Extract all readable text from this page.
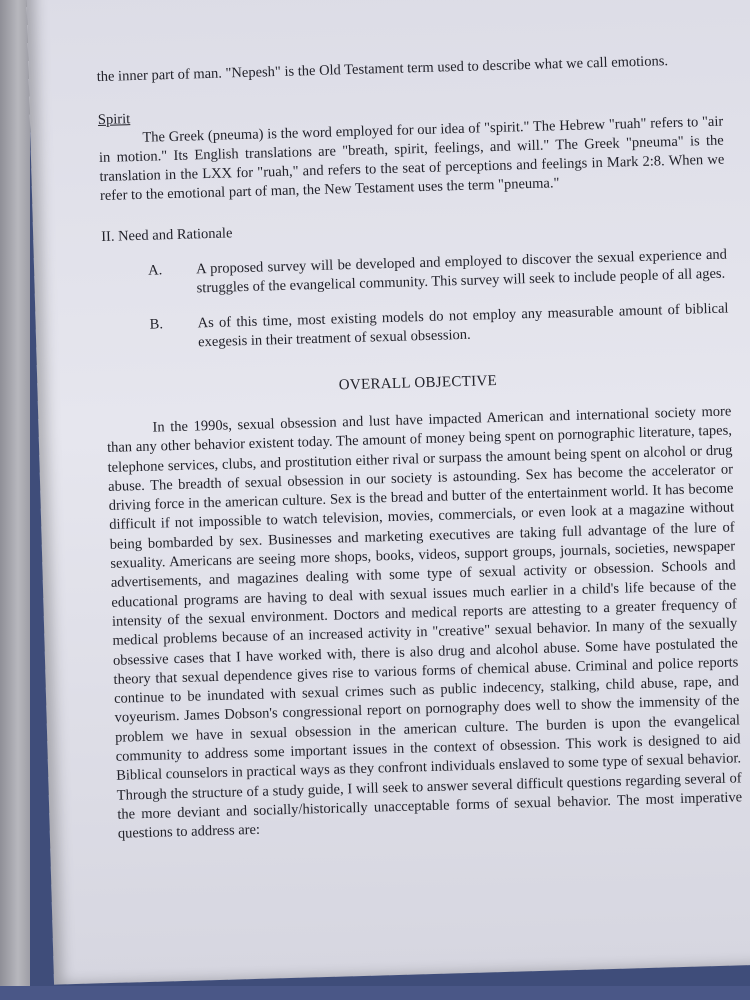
the inner part of man. "Nepesh" is the Old Testament term used to describe what we call emotions.

Spirit The Greek (pneuma) is the word employed for our idea of "spirit." The Hebrew "ruah" refers to "air in motion." Its English translations are "breath, spirit, feelings, and will." The Greek "pneuma" is the translation in the LXX for "ruah," and refers to the seat of perceptions and feelings in Mark 2:8. When we refer to the emotional part of man, the New Testament uses the term "pneuma."

II. Need and Rationale

A.	A proposed survey will be developed and employed to discover the sexual experience and struggles of the evangelical community. This survey will seek to include people of all ages.
B.	As of this time, most existing models do not employ any measurable amount of biblical exegesis in their treatment of sexual obsession.
OVERALL OBJECTIVE

In the 1990s, sexual obsession and lust have impacted American and international society more than any other behavior existent today. The amount of money being spent on pornographic literature, tapes, telephone services, clubs, and prostitution either rival or surpass the amount being spent on alcohol or drug abuse. The breadth of sexual obsession in our society is astounding. Sex has become the accelerator or driving force in the american culture. Sex is the bread and butter of the entertainment world. It has become difficult if not impossible to watch television, movies, commercials, or even look at a magazine without being bombarded by sex. Businesses and marketing executives are taking full advantage of the lure of sexuality. Americans are seeing more shops, books, videos, support groups, journals, societies, newspaper advertisements, and magazines dealing with some type of sexual activity or obsession. Schools and educational programs are having to deal with sexual issues much earlier in a child's life because of the intensity of the sexual environment. Doctors and medical reports are attesting to a greater frequency of medical problems because of an increased activity in "creative" sexual behavior. In many of the sexually obsessive cases that I have worked with, there is also drug and alcohol abuse. Some have postulated the theory that sexual dependence gives rise to various forms of chemical abuse. Criminal and police reports continue to be inundated with sexual crimes such as public indecency, stalking, child abuse, rape, and voyeurism. James Dobson's congressional report on pornography does well to show the immensity of the problem we have in sexual obsession in the american culture. The burden is upon the evangelical community to address some important issues in the context of obsession. This work is designed to aid Biblical counselors in practical ways as they confront individuals enslaved to some type of sexual behavior. Through the structure of a study guide, I will seek to answer several difficult questions regarding several of the more deviant and socially/historically unacceptable forms of sexual behavior. The most imperative questions to address are:
